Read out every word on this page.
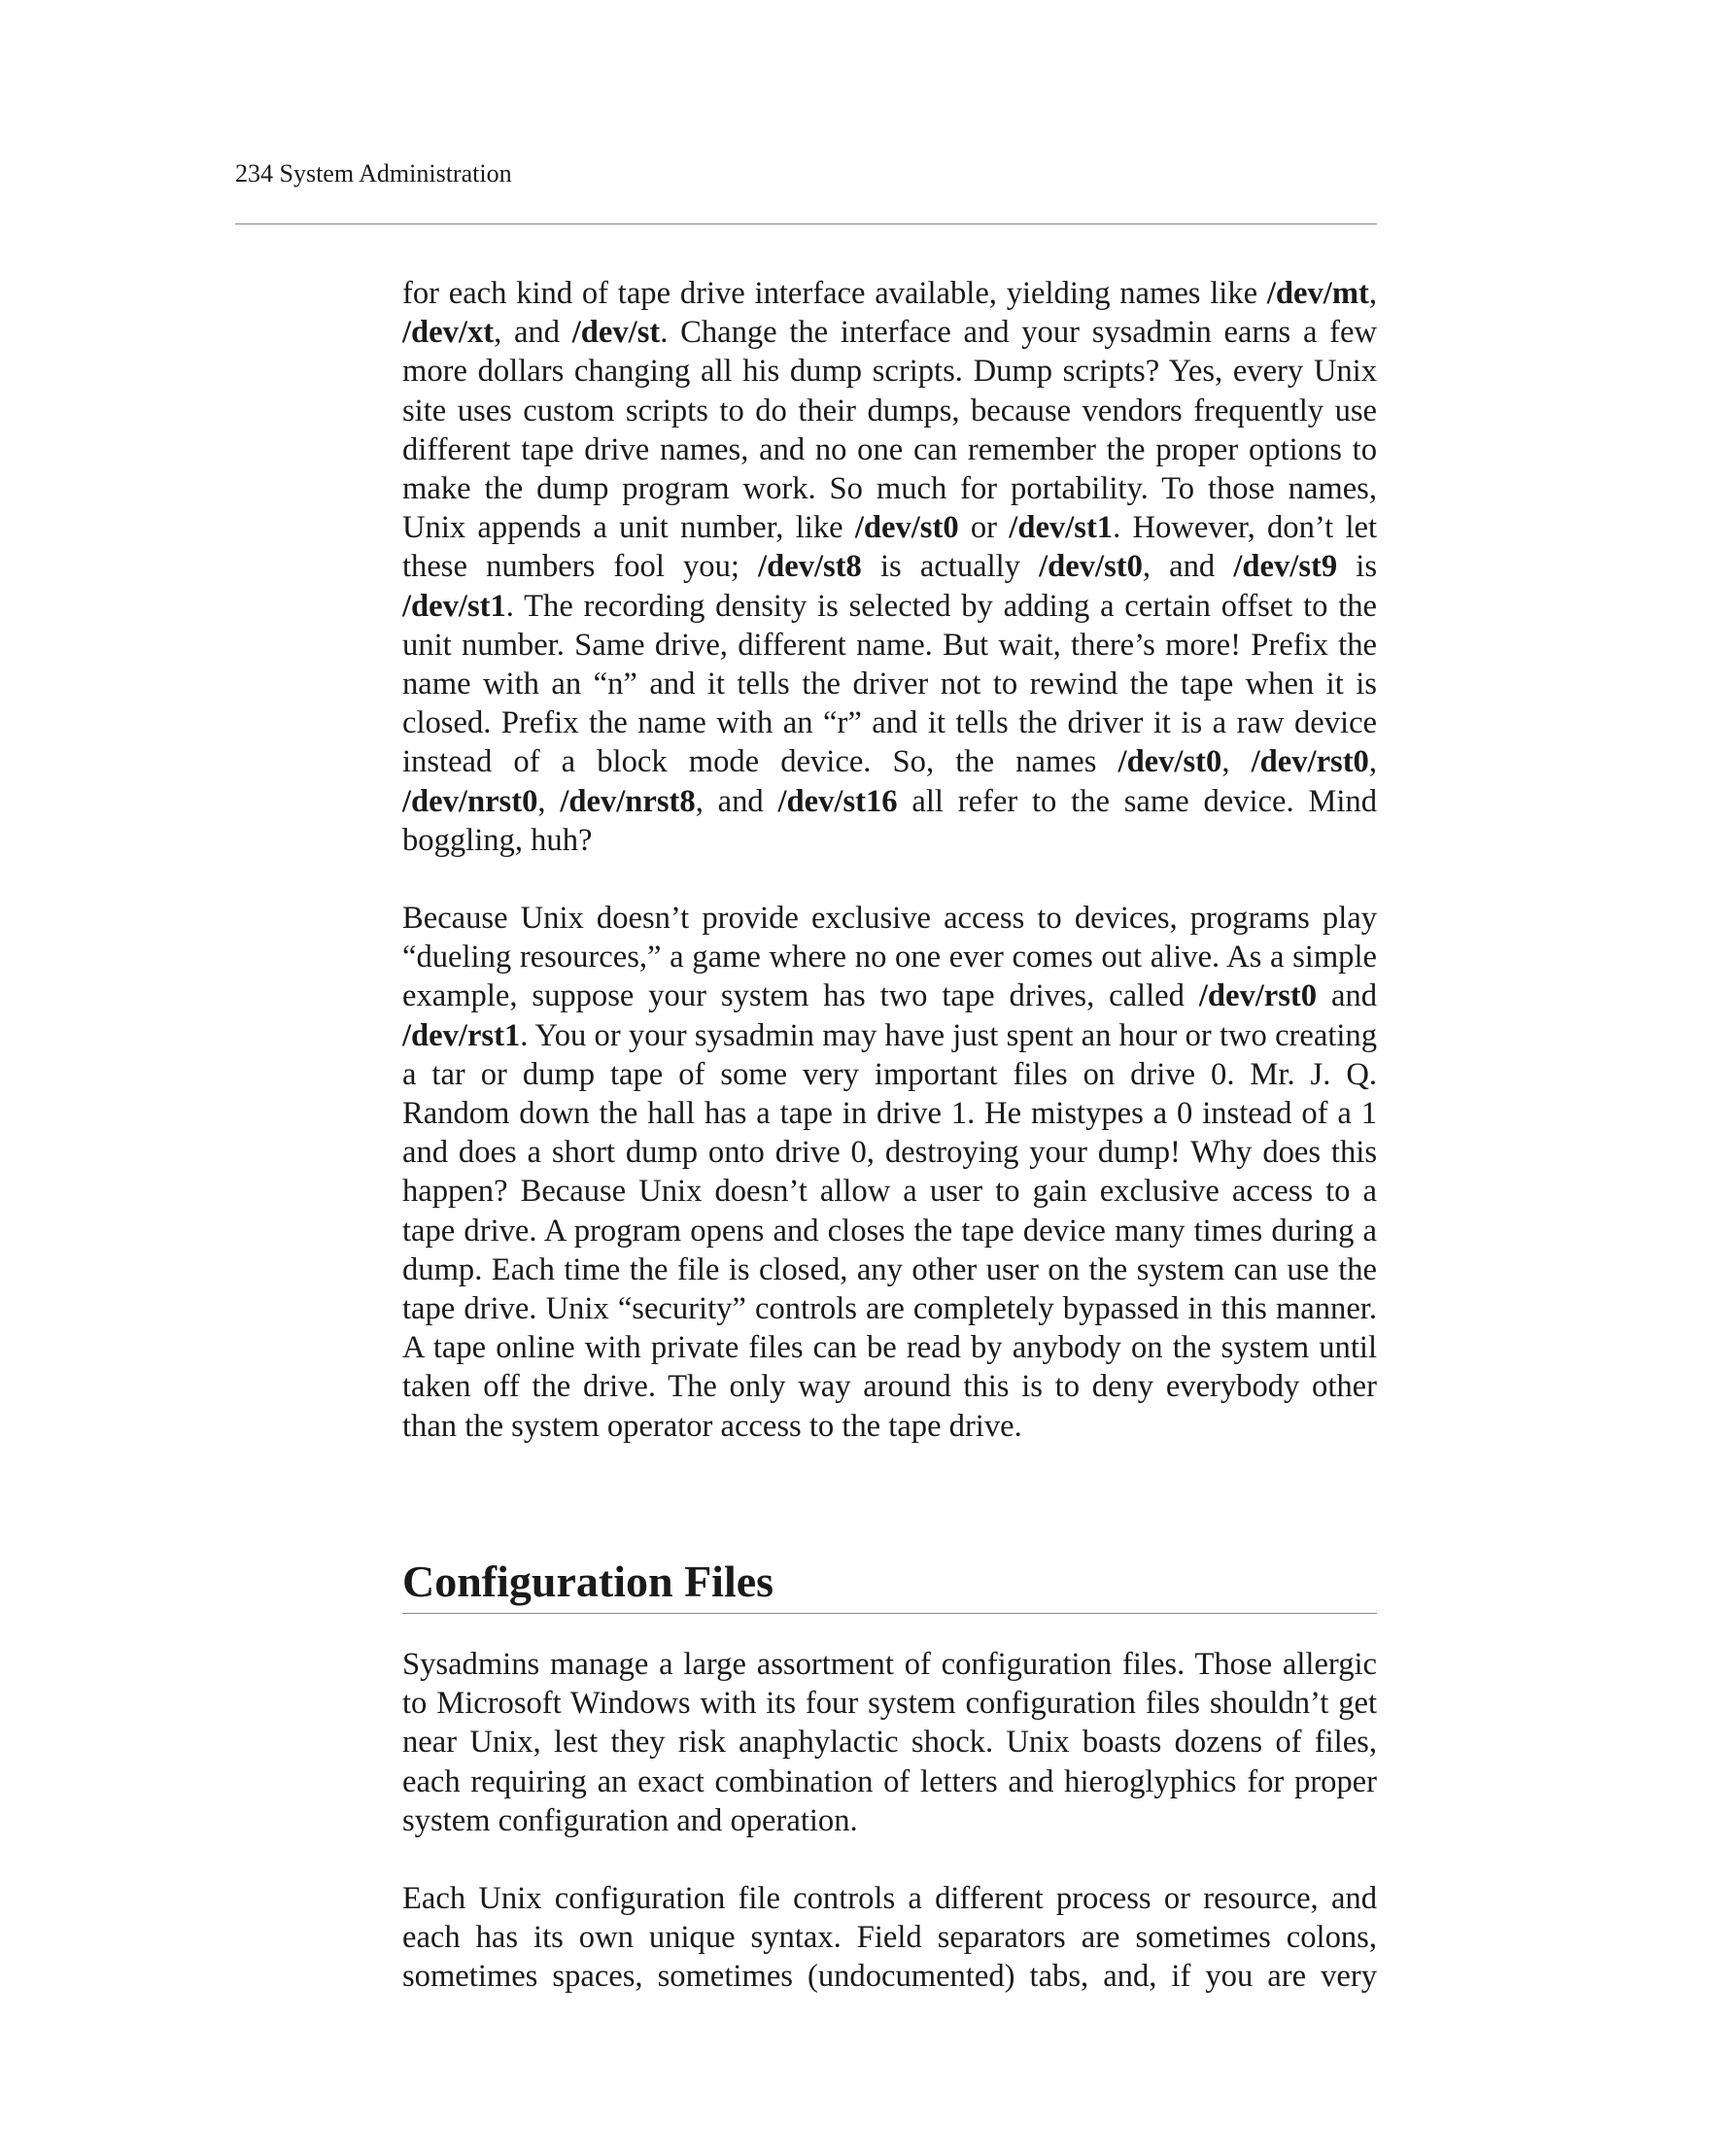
234 System Administration

for each kind of tape drive interface available, yielding names like /dev/mt, /dev/xt, and /dev/st. Change the interface and your sysadmin earns a few more dollars changing all his dump scripts. Dump scripts? Yes, every Unix site uses custom scripts to do their dumps, because vendors frequently use different tape drive names, and no one can remember the proper options to make the dump program work. So much for portability. To those names, Unix appends a unit number, like /dev/st0 or /dev/st1. However, don’t let these numbers fool you; /dev/st8 is actually /dev/st0, and /dev/st9 is /dev/st1. The recording density is selected by adding a certain offset to the unit number. Same drive, different name. But wait, there’s more! Prefix the name with an “n” and it tells the driver not to rewind the tape when it is closed. Prefix the name with an “r” and it tells the driver it is a raw device instead of a block mode device. So, the names /dev/st0, /dev/rst0, /dev/nrst0, /dev/nrst8, and /dev/st16 all refer to the same device. Mind boggling, huh?

Because Unix doesn’t provide exclusive access to devices, programs play “dueling resources,” a game where no one ever comes out alive. As a simple example, suppose your system has two tape drives, called /dev/rst0 and /dev/rst1. You or your sysadmin may have just spent an hour or two creating a tar or dump tape of some very important files on drive 0. Mr. J. Q. Random down the hall has a tape in drive 1. He mistypes a 0 instead of a 1 and does a short dump onto drive 0, destroying your dump! Why does this happen? Because Unix doesn’t allow a user to gain exclusive access to a tape drive. A program opens and closes the tape device many times during a dump. Each time the file is closed, any other user on the system can use the tape drive. Unix “security” controls are completely bypassed in this manner. A tape online with private files can be read by anybody on the system until taken off the drive. The only way around this is to deny everybody other than the system operator access to the tape drive.

Configuration Files

Sysadmins manage a large assortment of configuration files. Those allergic to Microsoft Windows with its four system configuration files shouldn’t get near Unix, lest they risk anaphylactic shock. Unix boasts dozens of files, each requiring an exact combination of letters and hieroglyphics for proper system configuration and operation.

Each Unix configuration file controls a different process or resource, and each has its own unique syntax. Field separators are sometimes colons, sometimes spaces, sometimes (undocumented) tabs, and, if you are very
